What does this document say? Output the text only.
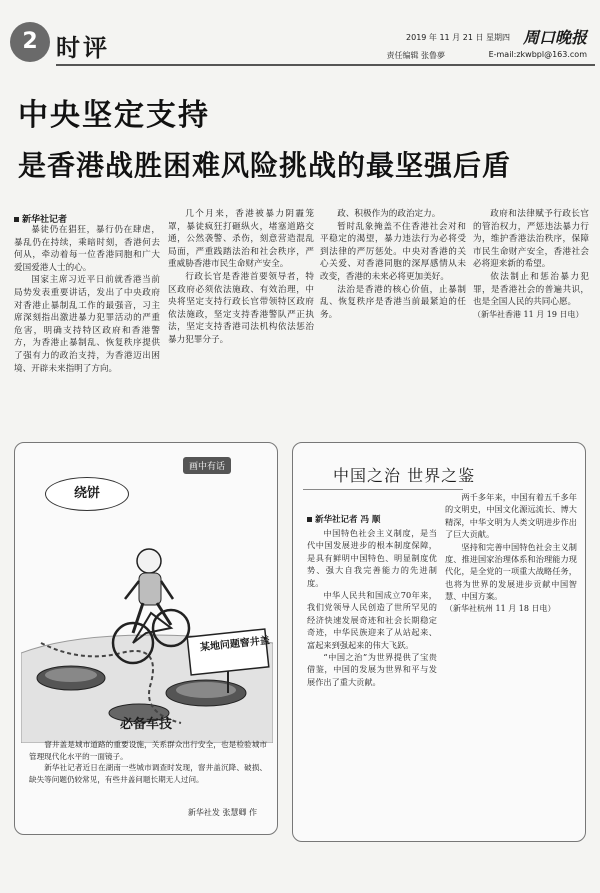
2 时评	2019 年 11 月 21 日 星期四 周口晚报
责任编辑 张鲁夢	E-mail:zkwbpl@163.com
中央坚定支持
是香港战胜困难风险挑战的最坚强后盾
新华社记者

暴徒仍在猖狂，暴行仍在肆虐，暴乱仍在持续，乘暗时刻，香港何去何从，牵动着每一位香港同胞和广大爱国爱港人士的心。

国家主席习近平日前就香港当前局势发表重要讲话，发出了中央政府对香港止暴制乱工作的最强音，习主席深刻指出激进暴力犯罪活动的严重危害，明确支持特区政府和香港警方，为香港止暴制乱、恢复秩序提供了强有力的政治支持，为香港迈出困境、开辟未来指明了方向。

几个月来，香港被暴力阴霾笼罩，暴徒疯狂打砸纵火，堵塞道路交通，公然袭警、杀伤，刻意营造混乱局面，严重践踏法治和社会秩序，严重威胁香港市民生命财产安全。

行政长官是香港首要领导者，特区政府必须依法施政、有效治理，中央将坚定支持行政长官带领特区政府依法施政，坚定支持香港警队严正执法，坚定支持香港司法机构依法惩治暴力犯罪分子。

政、积极作为的政治定力。

暂时乱象掩盖不住香港社会对和平稳定的渴望，暴力违法行为必将受到法律的严厉惩处。中央对香港的关心关爱、对香港同胞的深厚感情从未改变，香港的未来必将更加美好。

法治是香港的核心价值，止暴制乱、恢复秩序是香港当前最紧迫的任务。

政府和法律赋予行政长官的管治权力，严惩违法暴力行为，维护香港法治秩序，保障市民生命财产安全，香港社会必将迎来新的希望。

依法制止和惩治暴力犯罪，是香港社会的普遍共识，也是全国人民的共同心愿。

（新华社香港 11 月 19 日电）
画中有话
绕饼
某地问题窨井盖
必备车技

窨井盖是城市道路的重要设施，关系群众出行安全，也是检验城市管理现代化水平的一面镜子。

新华社记者近日在湖南一些城市调查时发现，窨井盖沉降、破损、缺失等问题仍较常见，有些井盖问题长期无人过问。

新华社发 张慧卿 作
中国之治 世界之鉴
新华社记者 冯 顺

中国特色社会主义制度，是当代中国发展进步的根本制度保障，是具有鲜明中国特色、明显制度优势、强大自我完善能力的先进制度。

中华人民共和国成立70年来，我们党领导人民创造了世所罕见的经济快速发展奇迹和社会长期稳定奇迹，中华民族迎来了从站起来、富起来到强起来的伟大飞跃。

“中国之治”为世界提供了宝贵借鉴，中国的发展为世界和平与发展作出了重大贡献。

两千多年来，中国有着五千多年的文明史，中国文化源远流长、博大精深，中华文明为人类文明进步作出了巨大贡献。

坚持和完善中国特色社会主义制度、推进国家治理体系和治理能力现代化，是全党的一项重大战略任务，也将为世界的发展进步贡献中国智慧、中国方案。

（新华社杭州 11 月 18 日电）
